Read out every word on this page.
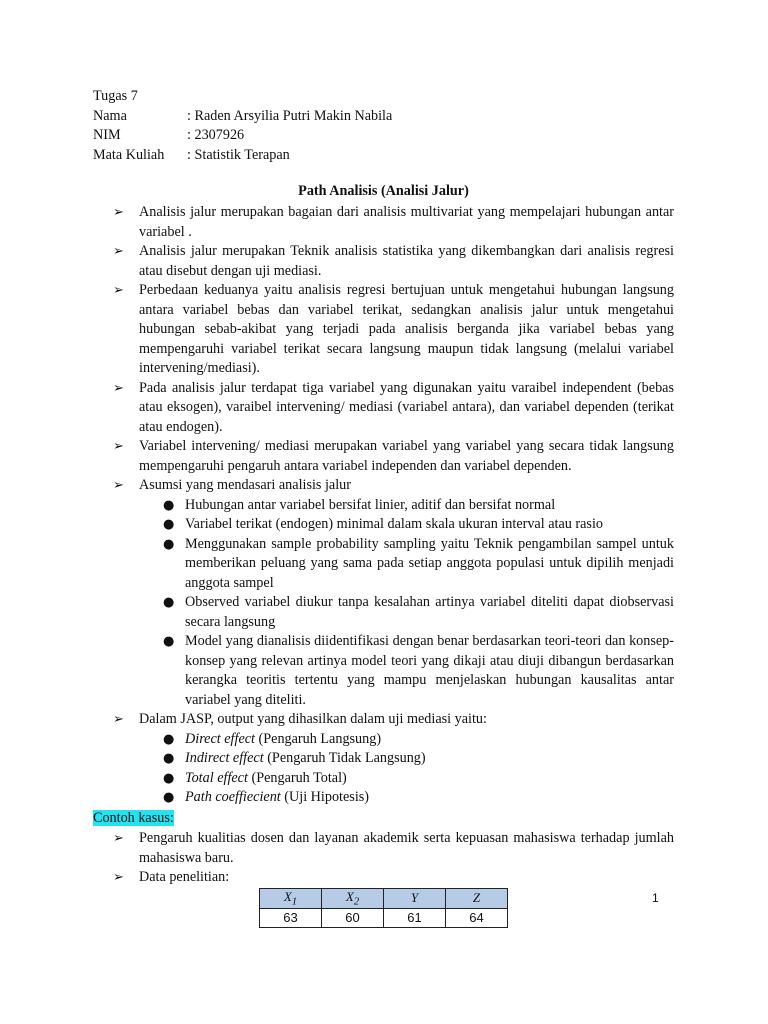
Tugas 7
Nama	: Raden Arsyilia Putri Makin Nabila
NIM	: 2307926
Mata Kuliah	: Statistik Terapan
Path Analisis (Analisi Jalur)
➢	Analisis jalur merupakan bagaian dari analisis multivariat yang mempelajari hubungan antar variabel .
➢	Analisis jalur merupakan Teknik analisis statistika yang dikembangkan dari analisis regresi atau disebut dengan uji mediasi.
➢	Perbedaan keduanya yaitu analisis regresi bertujuan untuk mengetahui hubungan langsung antara variabel bebas dan variabel terikat, sedangkan analisis jalur untuk mengetahui hubungan sebab-akibat yang terjadi pada analisis berganda jika variabel bebas yang mempengaruhi variabel terikat secara langsung maupun tidak langsung (melalui variabel intervening/mediasi).
➢	Pada analisis jalur terdapat tiga variabel yang digunakan yaitu varaibel independent (bebas atau eksogen), varaibel intervening/ mediasi (variabel antara), dan variabel dependen (terikat atau endogen).
➢	Variabel intervening/ mediasi merupakan variabel yang variabel yang secara tidak langsung mempengaruhi pengaruh antara variabel independen dan variabel dependen.
➢	Asumsi yang mendasari analisis jalur
● Hubungan antar variabel bersifat linier, aditif dan bersifat normal
● Variabel terikat (endogen) minimal dalam skala ukuran interval atau rasio
● Menggunakan sample probability sampling yaitu Teknik pengambilan sampel untuk memberikan peluang yang sama pada setiap anggota populasi untuk dipilih menjadi anggota sampel
● Observed variabel diukur tanpa kesalahan artinya variabel diteliti dapat diobservasi secara langsung
● Model yang dianalisis diidentifikasi dengan benar berdasarkan teori-teori dan konsep-konsep yang relevan artinya model teori yang dikaji atau diuji dibangun berdasarkan kerangka teoritis tertentu yang mampu menjelaskan hubungan kausalitas antar variabel yang diteliti.
➢	Dalam JASP, output yang dihasilkan dalam uji mediasi yaitu:
● Direct effect (Pengaruh Langsung)
● Indirect effect (Pengaruh Tidak Langsung)
● Total effect (Pengaruh Total)
● Path coeffiecient (Uji Hipotesis)
Contoh kasus:
➢	Pengaruh kualitias dosen dan layanan akademik serta kepuasan mahasiswa terhadap jumlah mahasiswa baru.
➢	Data penelitian:
$X_1$	$X_2$	Y	Z
63	60	61	64
1
